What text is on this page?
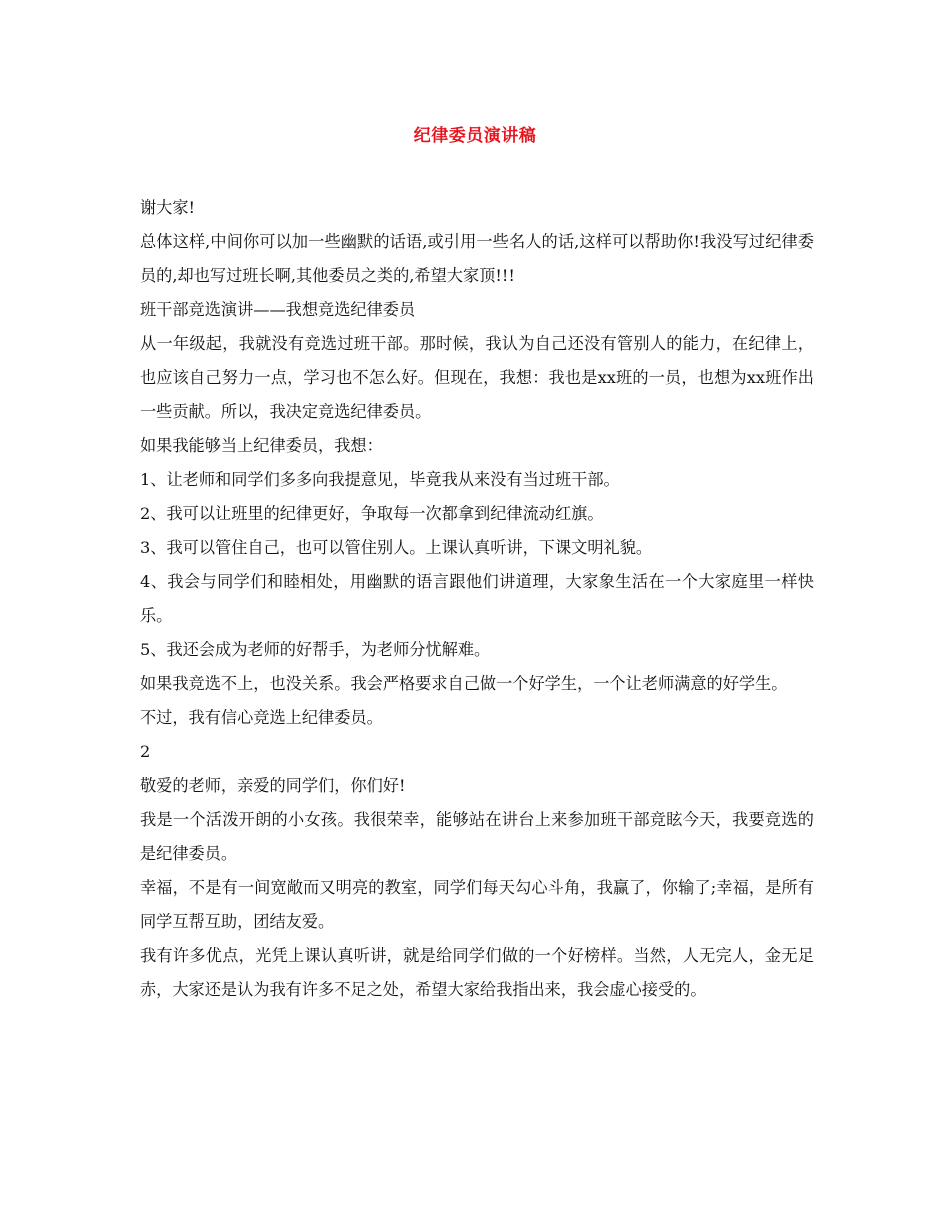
纪律委员演讲稿

谢大家!

总体这样,中间你可以加一些幽默的话语,或引用一些名人的话,这样可以帮助你!我没写过纪律委员的,却也写过班长啊,其他委员之类的,希望大家顶!!!

班干部竞选演讲——我想竞选纪律委员

从一年级起，我就没有竞选过班干部。那时候，我认为自己还没有管别人的能力，在纪律上，也应该自己努力一点，学习也不怎么好。但现在，我想：我也是xx班的一员，也想为xx班作出一些贡献。所以，我决定竞选纪律委员。

如果我能够当上纪律委员，我想：

1、让老师和同学们多多向我提意见，毕竟我从来没有当过班干部。

2、我可以让班里的纪律更好，争取每一次都拿到纪律流动红旗。

3、我可以管住自己，也可以管住别人。上课认真听讲，下课文明礼貌。

4、我会与同学们和睦相处，用幽默的语言跟他们讲道理，大家象生活在一个大家庭里一样快乐。

5、我还会成为老师的好帮手，为老师分忧解难。

如果我竞选不上，也没关系。我会严格要求自己做一个好学生，一个让老师满意的好学生。

不过，我有信心竞选上纪律委员。

2

敬爱的老师，亲爱的同学们，你们好!

我是一个活泼开朗的小女孩。我很荣幸，能够站在讲台上来参加班干部竞眩今天，我要竞选的是纪律委员。

幸福，不是有一间宽敞而又明亮的教室，同学们每天勾心斗角，我赢了，你输了;幸福，是所有同学互帮互助，团结友爱。

我有许多优点，光凭上课认真听讲，就是给同学们做的一个好榜样。当然，人无完人，金无足赤，大家还是认为我有许多不足之处，希望大家给我指出来，我会虚心接受的。
